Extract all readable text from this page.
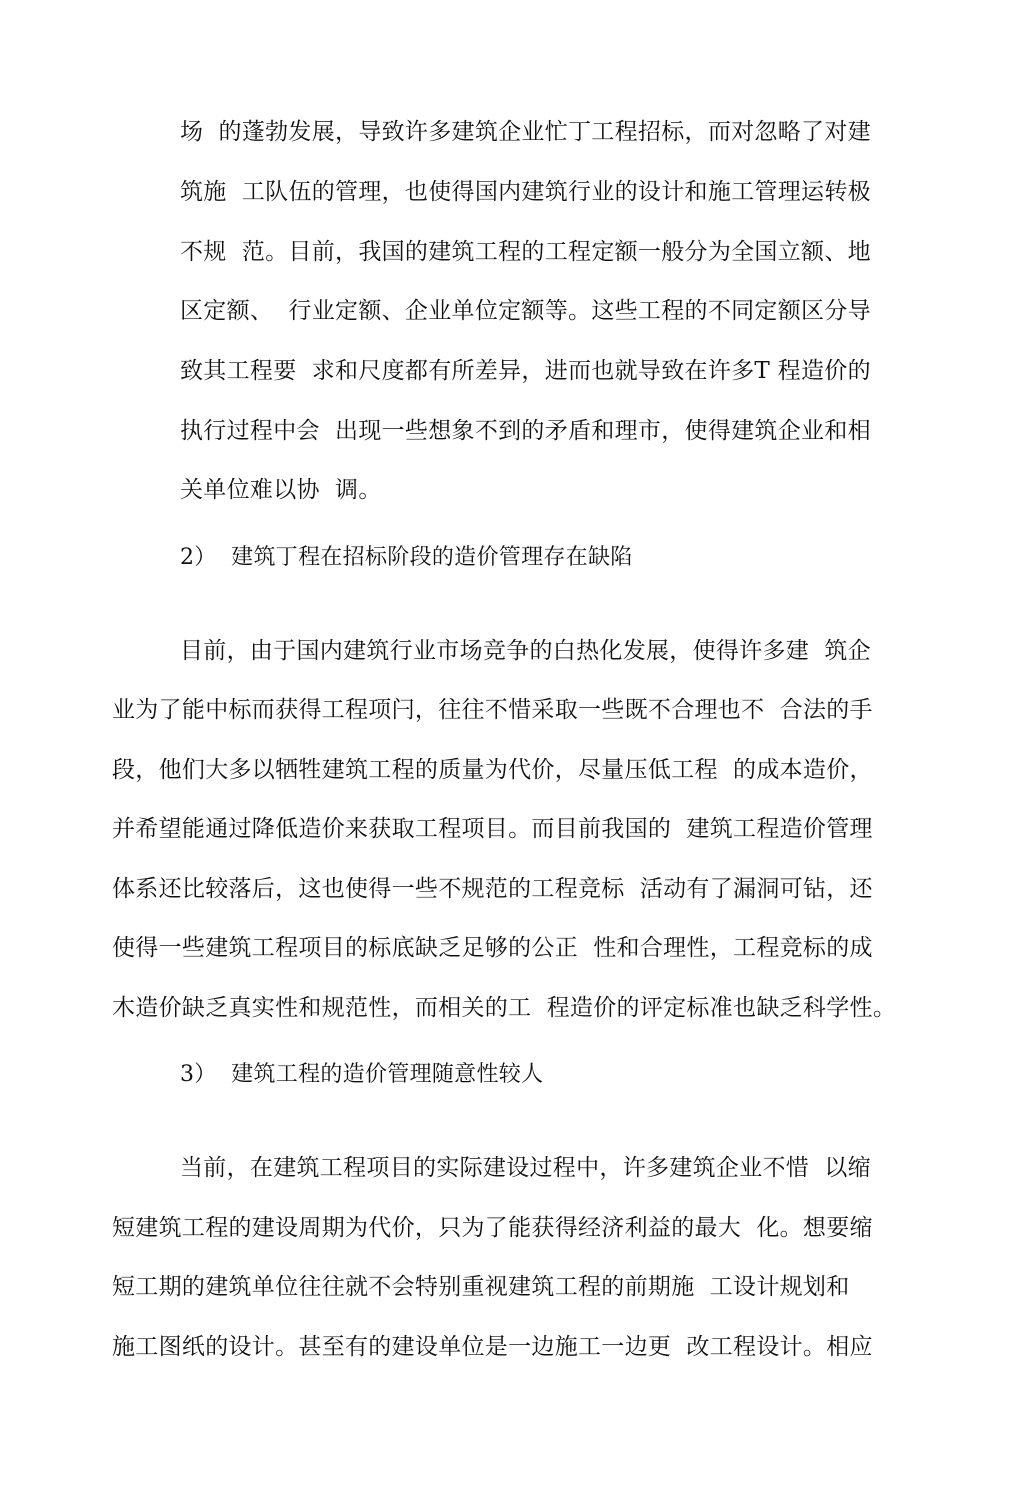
场  的蓬勃发展，导致许多建筑企业忙丁工程招标，而对忽略了对建
筑施  工队伍的管理，也使得国内建筑行业的设计和施工管理运转极
不规  范。目前，我国的建筑工程的工程定额一般分为全国立额、地
区定额、  行业定额、企业单位定额等。这些工程的不同定额区分导
致其工程要  求和尺度都有所差异，进而也就导致在许多T 程造价的
执行过程中会  出现一些想象不到的矛盾和理市，使得建筑企业和相
关单位难以协  调。
2）  建筑丁程在招标阶段的造价管理存在缺陷
目前，由于国内建筑行业市场竞争的白热化发展，使得许多建  筑企
业为了能中标而获得工程项闩，往往不惜采取一些既不合理也不  合法的手
段，他们大多以牺牲建筑工程的质量为代价，尽量压低工程  的成本造价，
并希望能通过降低造价来获取工程项目。而目前我国的  建筑工程造价管理
体系还比较落后，这也使得一些不规范的工程竞标  活动有了漏洞可钻，还
使得一些建筑工程项目的标底缺乏足够的公正  性和合理性，工程竞标的成
木造价缺乏真实性和规范性，而相关的工  程造价的评定标准也缺乏科学性。
3）  建筑工程的造价管理随意性较人
当前，在建筑工程项目的实际建设过程中，许多建筑企业不惜  以缩
短建筑工程的建设周期为代价，只为了能获得经济利益的最大  化。想要缩
短工期的建筑单位往往就不会特别重视建筑工程的前期施  工设计规划和
施工图纸的设计。甚至有的建设单位是一边施工一边更  改工程设计。相应
